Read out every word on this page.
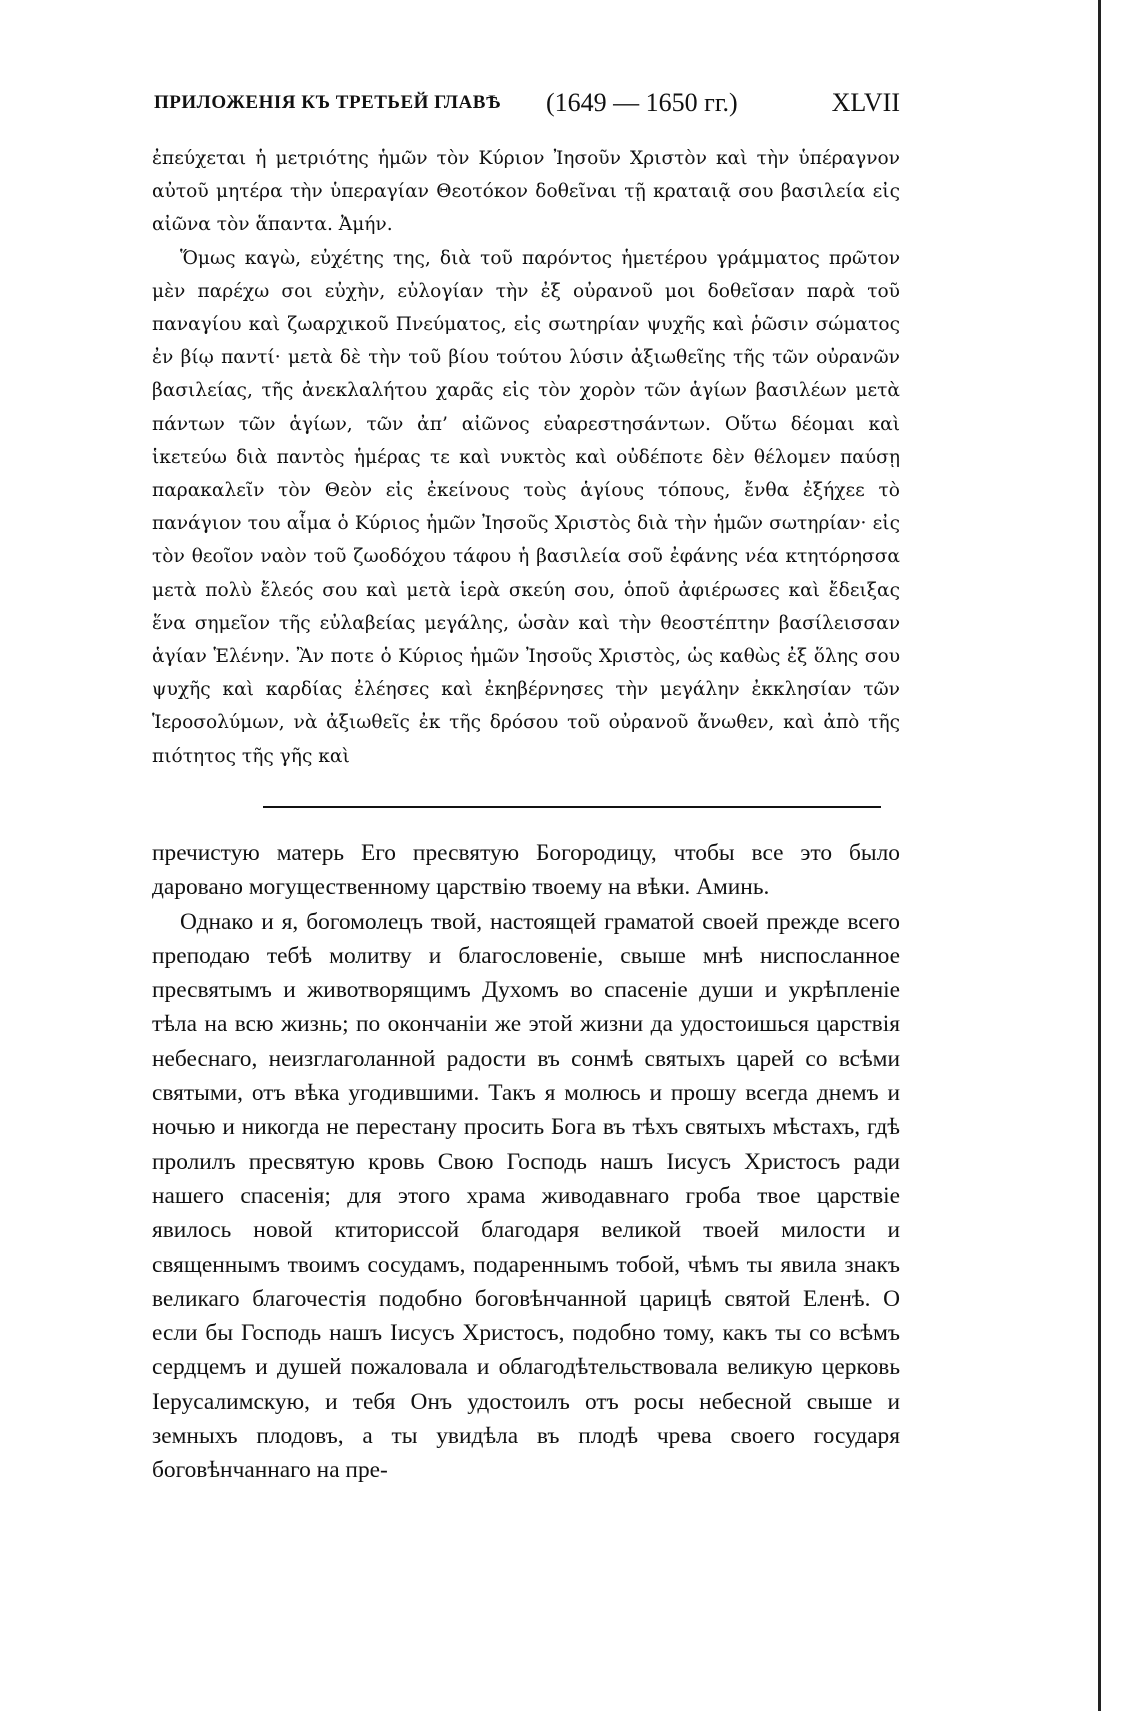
ПРИЛОЖЕНІЯ КЪ ТРЕТЬЕЙ ГЛАВѢ (1649 — 1650 гг.)	XLVII

ἐπεύχεται ἡ μετριότης ἡμῶν τὸν Κύριον Ἰησοῦν Χριστὸν καὶ τὴν ὑπέραγνον αὐτοῦ μητέρα τὴν ὑπεραγίαν Θεοτόκον δοθεῖναι τῇ κραταιᾷ σου βασιλεία εἰς αἰῶνα τὸν ἅπαντα. Ἀμήν.

Ὅμως καγὼ, εὐχέτης της, διὰ τοῦ παρόντος ἡμετέρου γράμματος πρῶτον μὲν παρέχω σοι εὐχὴν, εὐλογίαν τὴν ἐξ οὐρανοῦ μοι δοθεῖσαν παρὰ τοῦ παναγίου καὶ ζωαρχικοῦ Πνεύματος, εἰς σωτηρίαν ψυχῆς καὶ ῥῶσιν σώματος ἐν βίῳ παντί· μετὰ δὲ τὴν τοῦ βίου τούτου λύσιν ἀξιωθεῖης τῆς τῶν οὐρανῶν βασιλείας, τῆς ἀνεκλαλήτου χαρᾶς εἰς τὸν χορὸν τῶν ἁγίων βασιλέων μετὰ πάντων τῶν ἁγίων, τῶν ἀπ’ αἰῶνος εὐαρεστησάντων. Οὕτω δέομαι καὶ ἱκετεύω διὰ παντὸς ἡμέρας τε καὶ νυκτὸς καὶ οὐδέποτε δὲν θέλομεν παύσῃ παρακαλεῖν τὸν Θεὸν εἰς ἐκείνους τοὺς ἁγίους τόπους, ἔνθα ἐξήχεε τὸ πανάγιον του αἷμα ὁ Κύριος ἡμῶν Ἰησοῦς Χριστὸς διὰ τὴν ἡμῶν σωτηρίαν· εἰς τὸν θεοῖον ναὸν τοῦ ζωοδόχου τάφου ἡ βασιλεία σοῦ ἐφάνης νέα κτητόρησσα μετὰ πολὺ ἔλεός σου καὶ μετὰ ἱερὰ σκεύη σου, ὁποῦ ἀφιέρωσες καὶ ἔδειξας ἕνα σημεῖον τῆς εὐλαβείας μεγάλης, ὡσὰν καὶ τὴν θεοστέπτην βασίλεισσαν ἁγίαν Ἑλένην. Ἂν ποτε ὁ Κύριος ἡμῶν Ἰησοῦς Χριστὸς, ὡς καθὼς ἐξ ὅλης σου ψυχῆς καὶ καρδίας ἐλέησες καὶ ἐκηβέρνησες τὴν μεγάλην ἐκκλησίαν τῶν Ἱεροσολύμων, νὰ ἀξιωθεῖς ἐκ τῆς δρόσου τοῦ οὐρανοῦ ἄνωθεν, καὶ ἀπὸ τῆς πιότητος τῆς γῆς καὶ

пречистую матерь Его пресвятую Богородицу, чтобы все это было даровано могущественному царствію твоему на вѣки. Аминь.

Однако и я, богомолецъ твой, настоящей граматой своей прежде всего преподаю тебѣ молитву и благословеніе, свыше мнѣ ниспосланное пресвятымъ и животворящимъ Духомъ во спасеніе души и укрѣпленіе тѣла на всю жизнь; по окончаніи же этой жизни да удостоишься царствія небеснаго, неизглаголанной радости въ сонмѣ святыхъ царей со всѣми святыми, отъ вѣка угодившими. Такъ я молюсь и прошу всегда днемъ и ночью и никогда не перестану просить Бога въ тѣхъ святыхъ мѣстахъ, гдѣ пролилъ пресвятую кровь Свою Господь нашъ Іисусъ Христосъ ради нашего спасенія; для этого храма живодавнаго гроба твое царствіе явилось новой ктиториссой благодаря великой твоей милости и священнымъ твоимъ сосудамъ, подареннымъ тобой, чѣмъ ты явила знакъ великаго благочестія подобно боговѣнчанной царицѣ святой Еленѣ. О если бы Господь нашъ Іисусъ Христосъ, подобно тому, какъ ты со всѣмъ сердцемъ и душей пожаловала и облагодѣтельствовала великую церковь Іерусалимскую, и тебя Онъ удостоилъ отъ росы небесной свыше и земныхъ плодовъ, а ты увидѣла въ плодѣ чрева своего государя боговѣнчаннаго на пре-
